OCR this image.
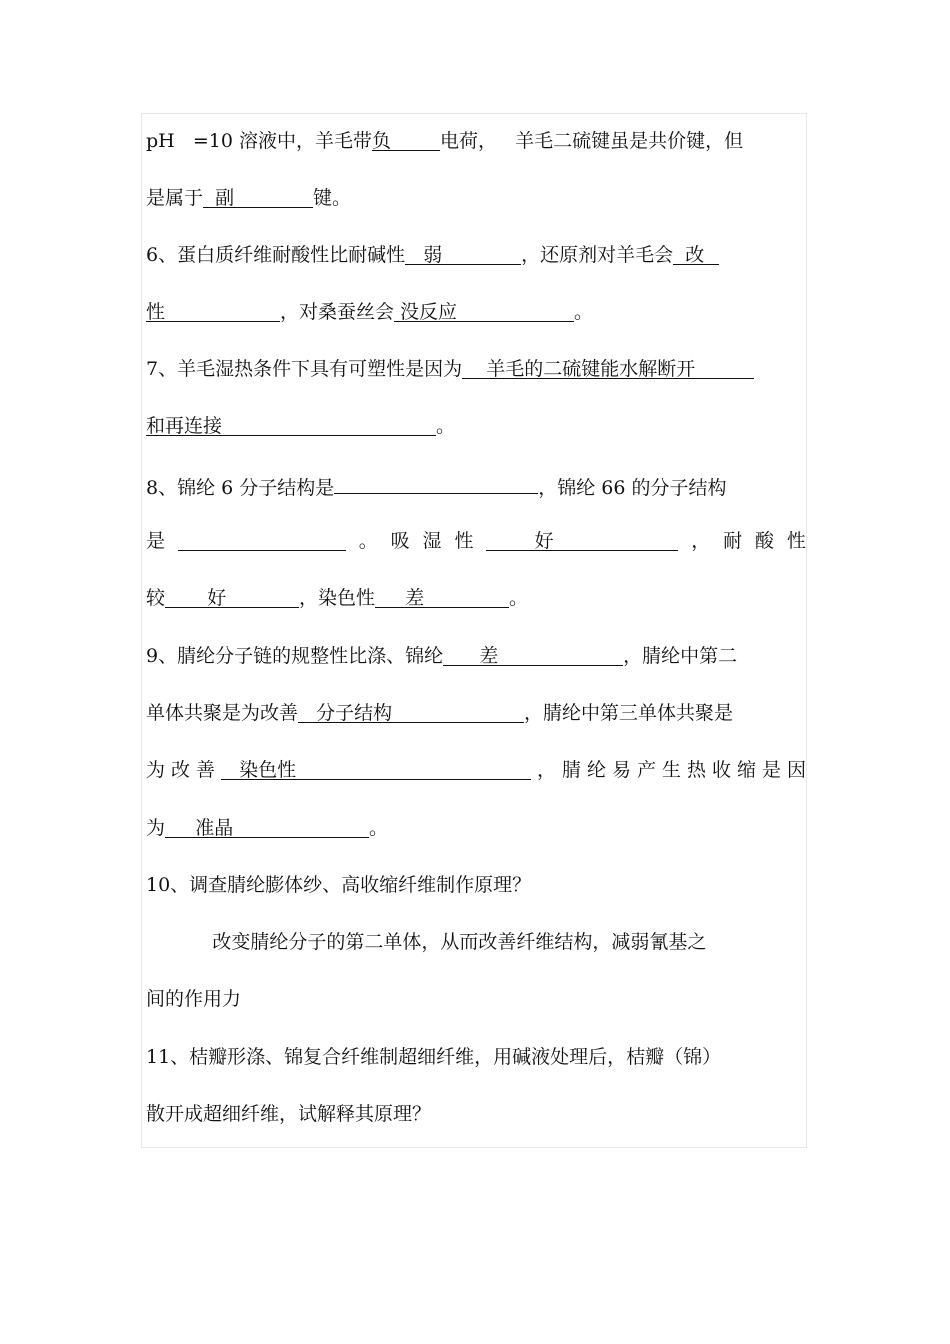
pH   =10 溶液中，羊毛带负	电荷，   羊毛二硫键虽是共价键，但
是属于  副	键。
6、蛋白质纤维耐酸性比耐碱性   弱	，还原剂对羊毛会  改
性	，对桑蚕丝会 没反应	。
7、羊毛湿热条件下具有可塑性是因为    羊毛的二硫键能水解断开
和再连接	。
8、锦纶 6 分子结构是	，锦纶 66 的分子结构
是	。 吸 湿 性 好	， 耐 酸 性
较       好	，染色性     差	。
9、腈纶分子链的规整性比涤、锦纶      差	，腈纶中第二
单体共聚是为改善   分子结构	，腈纶中第三单体共聚是
为 改 善 染色性	， 腈 纶 易 产 生 热 收 缩 是 因
为     准晶	。
10、调查腈纶膨体纱、高收缩纤维制作原理？
改变腈纶分子的第二单体，从而改善纤维结构，减弱氰基之
间的作用力
11、桔瓣形涤、锦复合纤维制超细纤维，用碱液处理后，桔瓣（锦）
散开成超细纤维，试解释其原理？
